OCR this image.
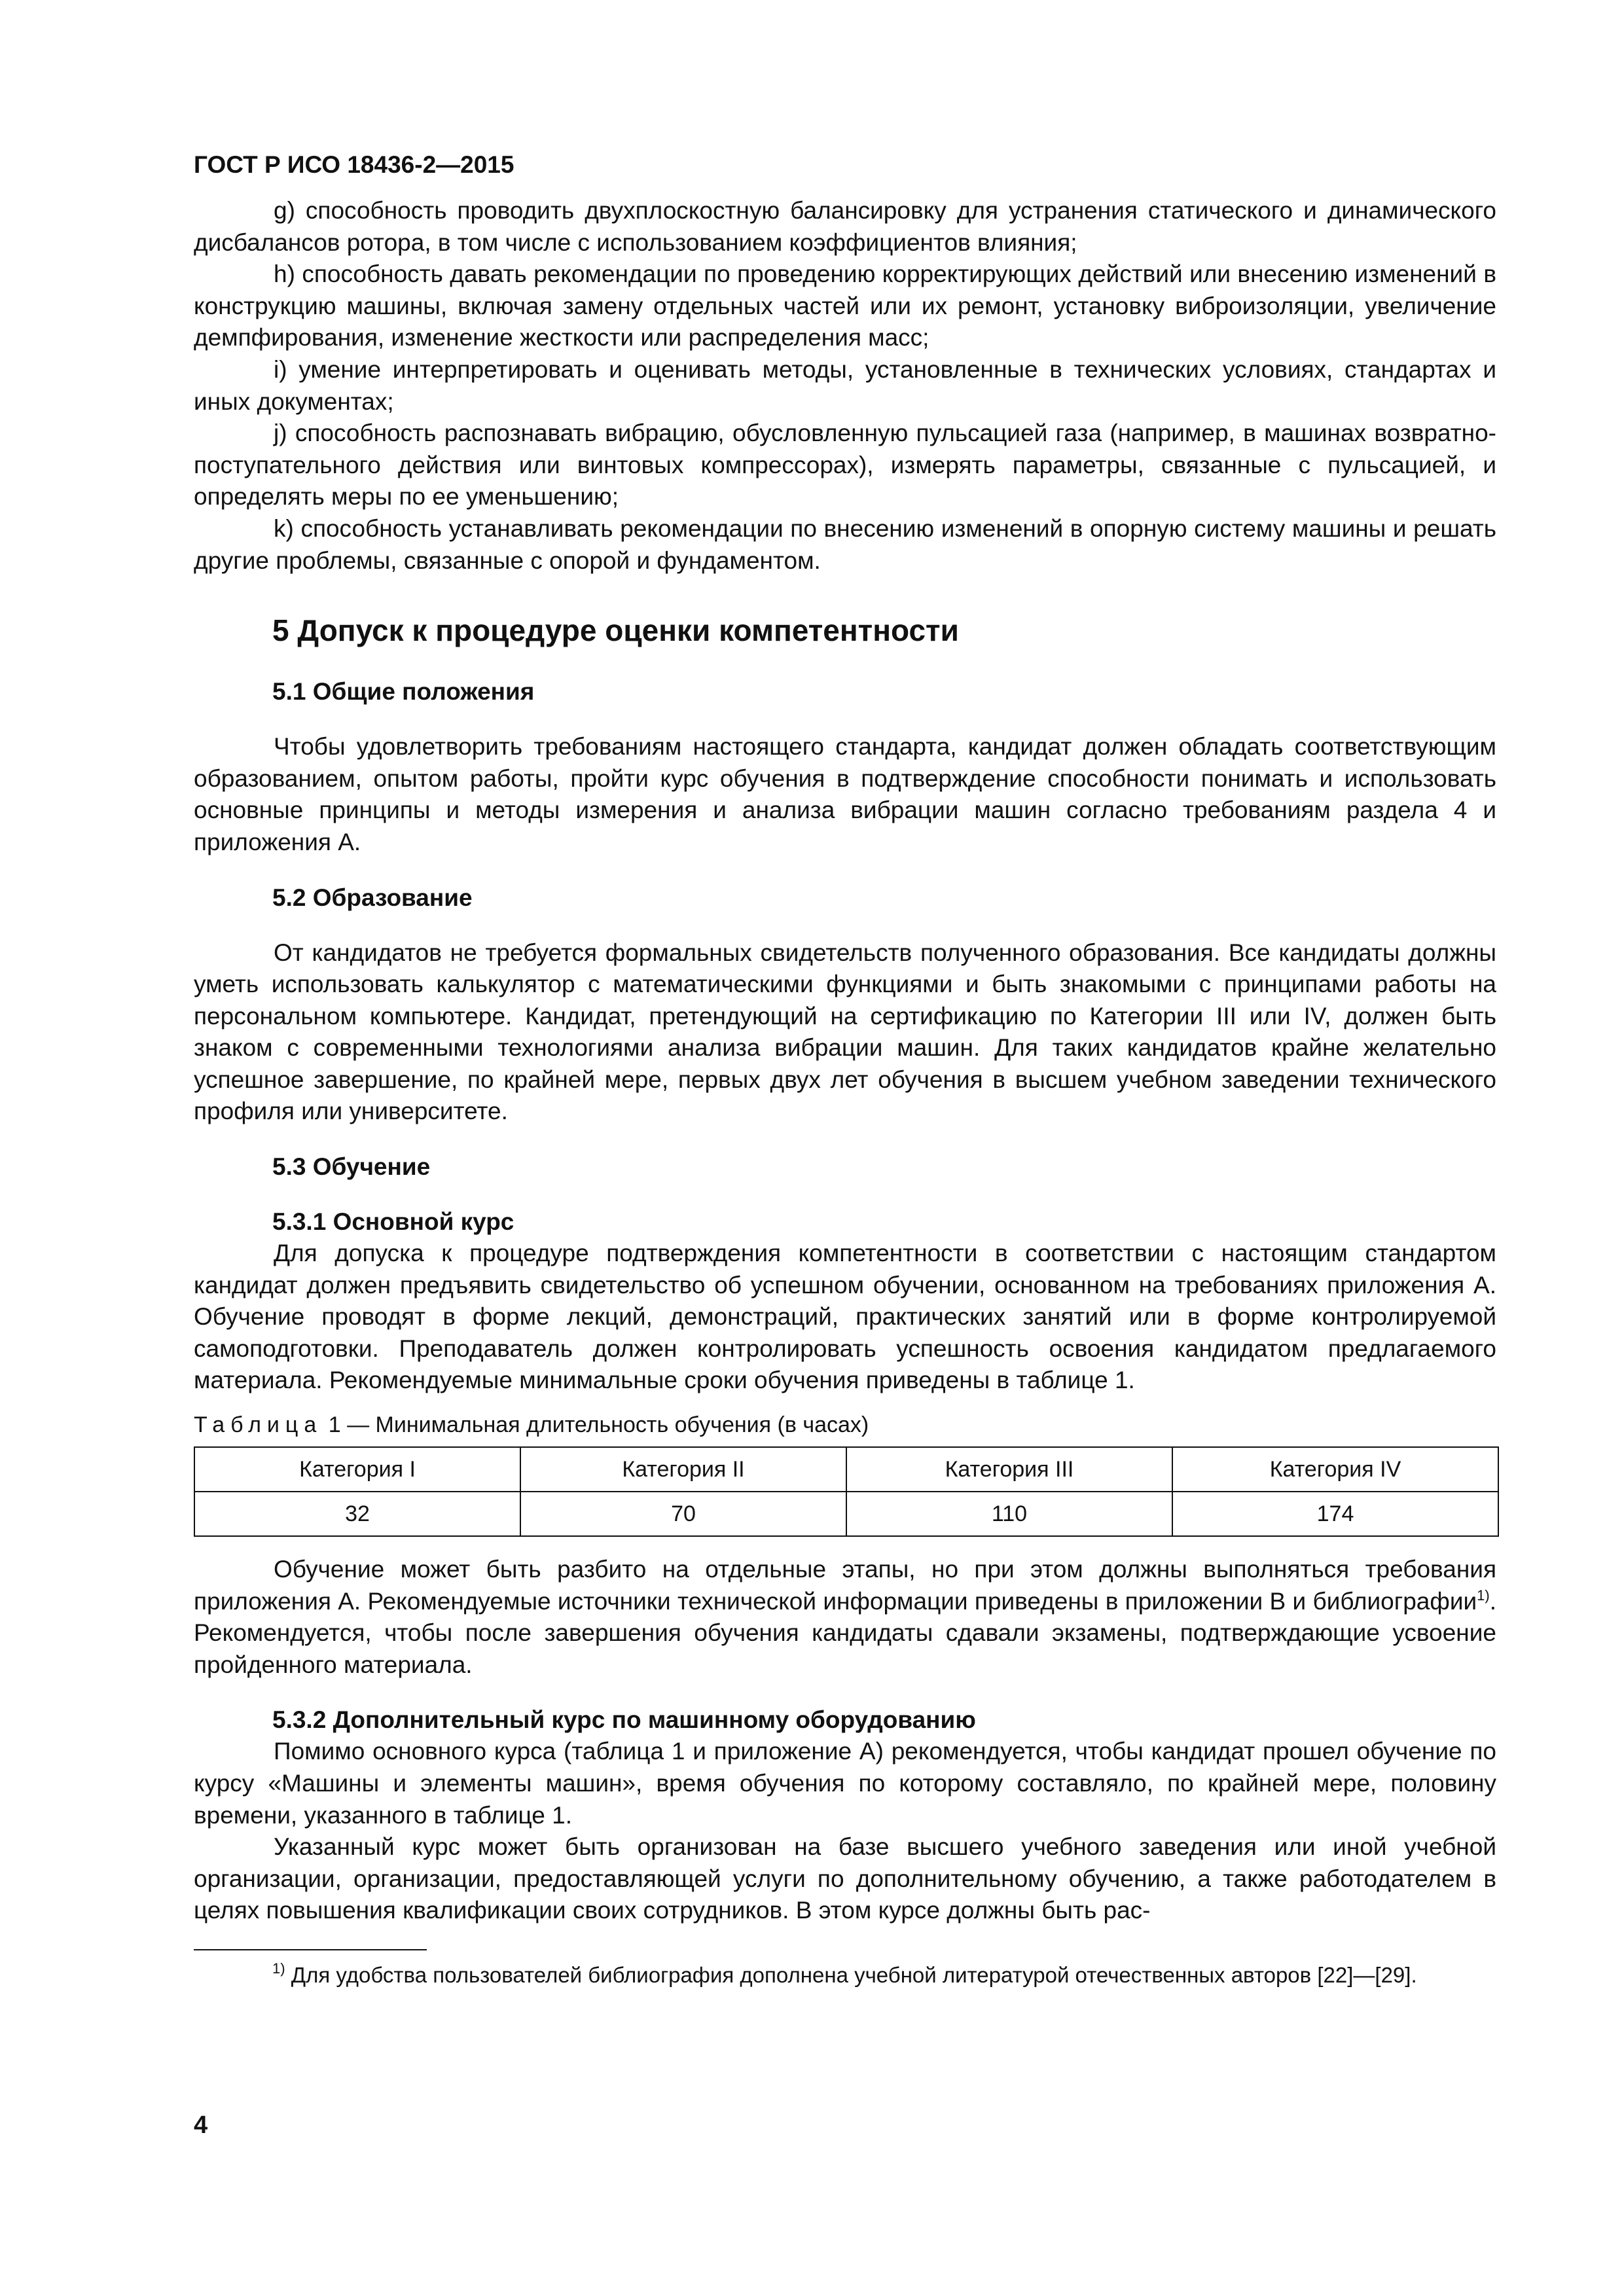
ГОСТ Р ИСО 18436-2—2015

g) способность проводить двухплоскостную балансировку для устранения статического и динамического дисбалансов ротора, в том числе с использованием коэффициентов влияния;

h) способность давать рекомендации по проведению корректирующих действий или внесению изменений в конструкцию машины, включая замену отдельных частей или их ремонт, установку виброизоляции, увеличение демпфирования, изменение жесткости или распределения масс;

i) умение интерпретировать и оценивать методы, установленные в технических условиях, стандартах и иных документах;

j) способность распознавать вибрацию, обусловленную пульсацией газа (например, в машинах возвратно-поступательного действия или винтовых компрессорах), измерять параметры, связанные с пульсацией, и определять меры по ее уменьшению;

k) способность устанавливать рекомендации по внесению изменений в опорную систему машины и решать другие проблемы, связанные с опорой и фундаментом.

5 Допуск к процедуре оценки компетентности
5.1 Общие положения

Чтобы удовлетворить требованиям настоящего стандарта, кандидат должен обладать соответствующим образованием, опытом работы, пройти курс обучения в подтверждение способности понимать и использовать основные принципы и методы измерения и анализа вибрации машин согласно требованиям раздела 4 и приложения А.

5.2 Образование

От кандидатов не требуется формальных свидетельств полученного образования. Все кандидаты должны уметь использовать калькулятор с математическими функциями и быть знакомыми с принципами работы на персональном компьютере. Кандидат, претендующий на сертификацию по Категории III или IV, должен быть знаком с современными технологиями анализа вибрации машин. Для таких кандидатов крайне желательно успешное завершение, по крайней мере, первых двух лет обучения в высшем учебном заведении технического профиля или университете.

5.3 Обучение
5.3.1 Основной курс

Для допуска к процедуре подтверждения компетентности в соответствии с настоящим стандартом кандидат должен предъявить свидетельство об успешном обучении, основанном на требованиях приложения А. Обучение проводят в форме лекций, демонстраций, практических занятий или в форме контролируемой самоподготовки. Преподаватель должен контролировать успешность освоения кандидатом предлагаемого материала. Рекомендуемые минимальные сроки обучения приведены в таблице 1.

Таблица 1 — Минимальная длительность обучения (в часах)
Категория I	Категория II	Категория III	Категория IV
32	70	110	174

Обучение может быть разбито на отдельные этапы, но при этом должны выполняться требования приложения А. Рекомендуемые источники технической информации приведены в приложении В и библиографии$^{1)}$. Рекомендуется, чтобы после завершения обучения кандидаты сдавали экзамены, подтверждающие усвоение пройденного материала.

5.3.2 Дополнительный курс по машинному оборудованию

Помимо основного курса (таблица 1 и приложение А) рекомендуется, чтобы кандидат прошел обучение по курсу «Машины и элементы машин», время обучения по которому составляло, по крайней мере, половину времени, указанного в таблице 1.

Указанный курс может быть организован на базе высшего учебного заведения или иной учебной организации, организации, предоставляющей услуги по дополнительному обучению, а также работодателем в целях повышения квалификации своих сотрудников. В этом курсе должны быть рас-

$^{1)}$ Для удобства пользователей библиография дополнена учебной литературой отечественных авторов [22]—[29].

4
